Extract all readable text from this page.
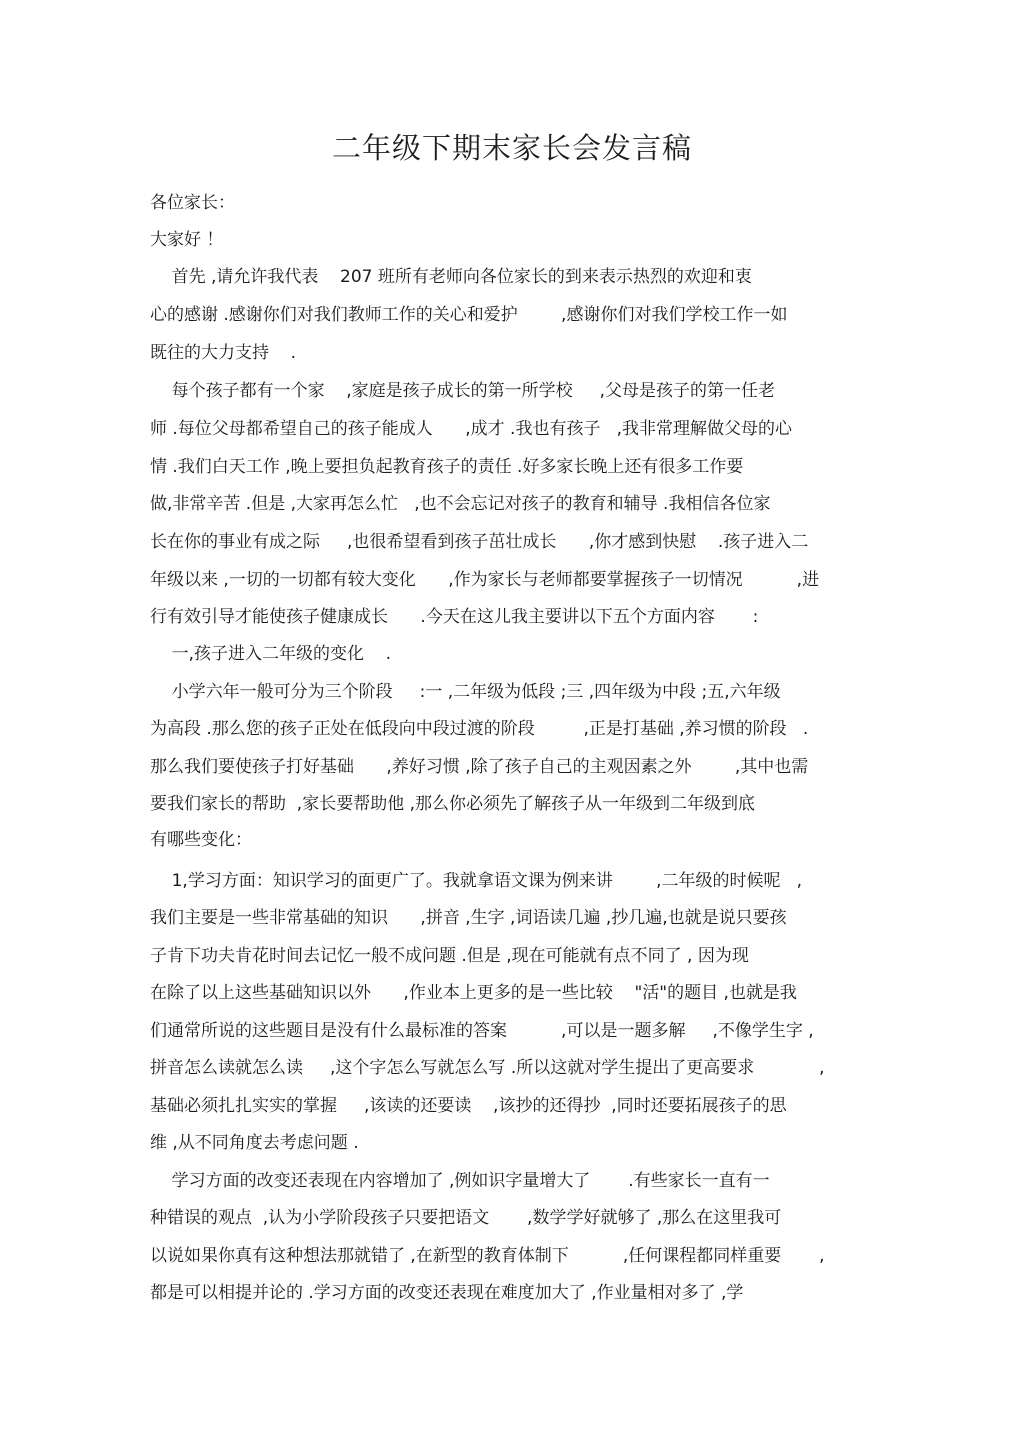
二年级下期末家长会发言稿
各位家长：
大家好 ！
首先 ,请允许我代表    207 班所有老师向各位家长的到来表示热烈的欢迎和衷
心的感谢 .感谢你们对我们教师工作的关心和爱护        ,感谢你们对我们学校工作一如
既往的大力支持    .
每个孩子都有一个家    ,家庭是孩子成长的第一所学校     ,父母是孩子的第一任老
师 .每位父母都希望自己的孩子能成人      ,成才 .我也有孩子   ,我非常理解做父母的心
情 .我们白天工作 ,晚上要担负起教育孩子的责任 .好多家长晚上还有很多工作要
做,非常辛苦 .但是 ,大家再怎么忙   ,也不会忘记对孩子的教育和辅导 .我相信各位家
长在你的事业有成之际     ,也很希望看到孩子茁壮成长      ,你才感到快慰    .孩子进入二
年级以来 ,一切的一切都有较大变化      ,作为家长与老师都要掌握孩子一切情况          ,进
行有效引导才能使孩子健康成长      .今天在这儿我主要讲以下五个方面内容       :
一,孩子进入二年级的变化    .
小学六年一般可分为三个阶段     :一 ,二年级为低段 ;三 ,四年级为中段 ;五,六年级
为高段 .那么您的孩子正处在低段向中段过渡的阶段         ,正是打基础 ,养习惯的阶段   .
那么我们要使孩子打好基础      ,养好习惯 ,除了孩子自己的主观因素之外        ,其中也需
要我们家长的帮助  ,家长要帮助他 ,那么你必须先了解孩子从一年级到二年级到底
有哪些变化：
1,学习方面：知识学习的面更广了。我就拿语文课为例来讲        ,二年级的时候呢   ,
我们主要是一些非常基础的知识      ,拼音 ,生字 ,词语读几遍 ,抄几遍,也就是说只要孩
子肯下功夫肯花时间去记忆一般不成问题 .但是 ,现在可能就有点不同了 , 因为现
在除了以上这些基础知识以外      ,作业本上更多的是一些比较    "活"的题目 ,也就是我
们通常所说的这些题目是没有什么最标准的答案          ,可以是一题多解     ,不像学生字 ,
拼音怎么读就怎么读     ,这个字怎么写就怎么写 .所以这就对学生提出了更高要求            ,
基础必须扎扎实实的掌握     ,该读的还要读    ,该抄的还得抄  ,同时还要拓展孩子的思
维 ,从不同角度去考虑问题 .
学习方面的改变还表现在内容增加了 ,例如识字量增大了       .有些家长一直有一
种错误的观点  ,认为小学阶段孩子只要把语文       ,数学学好就够了 ,那么在这里我可
以说如果你真有这种想法那就错了 ,在新型的教育体制下          ,任何课程都同样重要       ,
都是可以相提并论的 .学习方面的改变还表现在难度加大了 ,作业量相对多了 ,学
